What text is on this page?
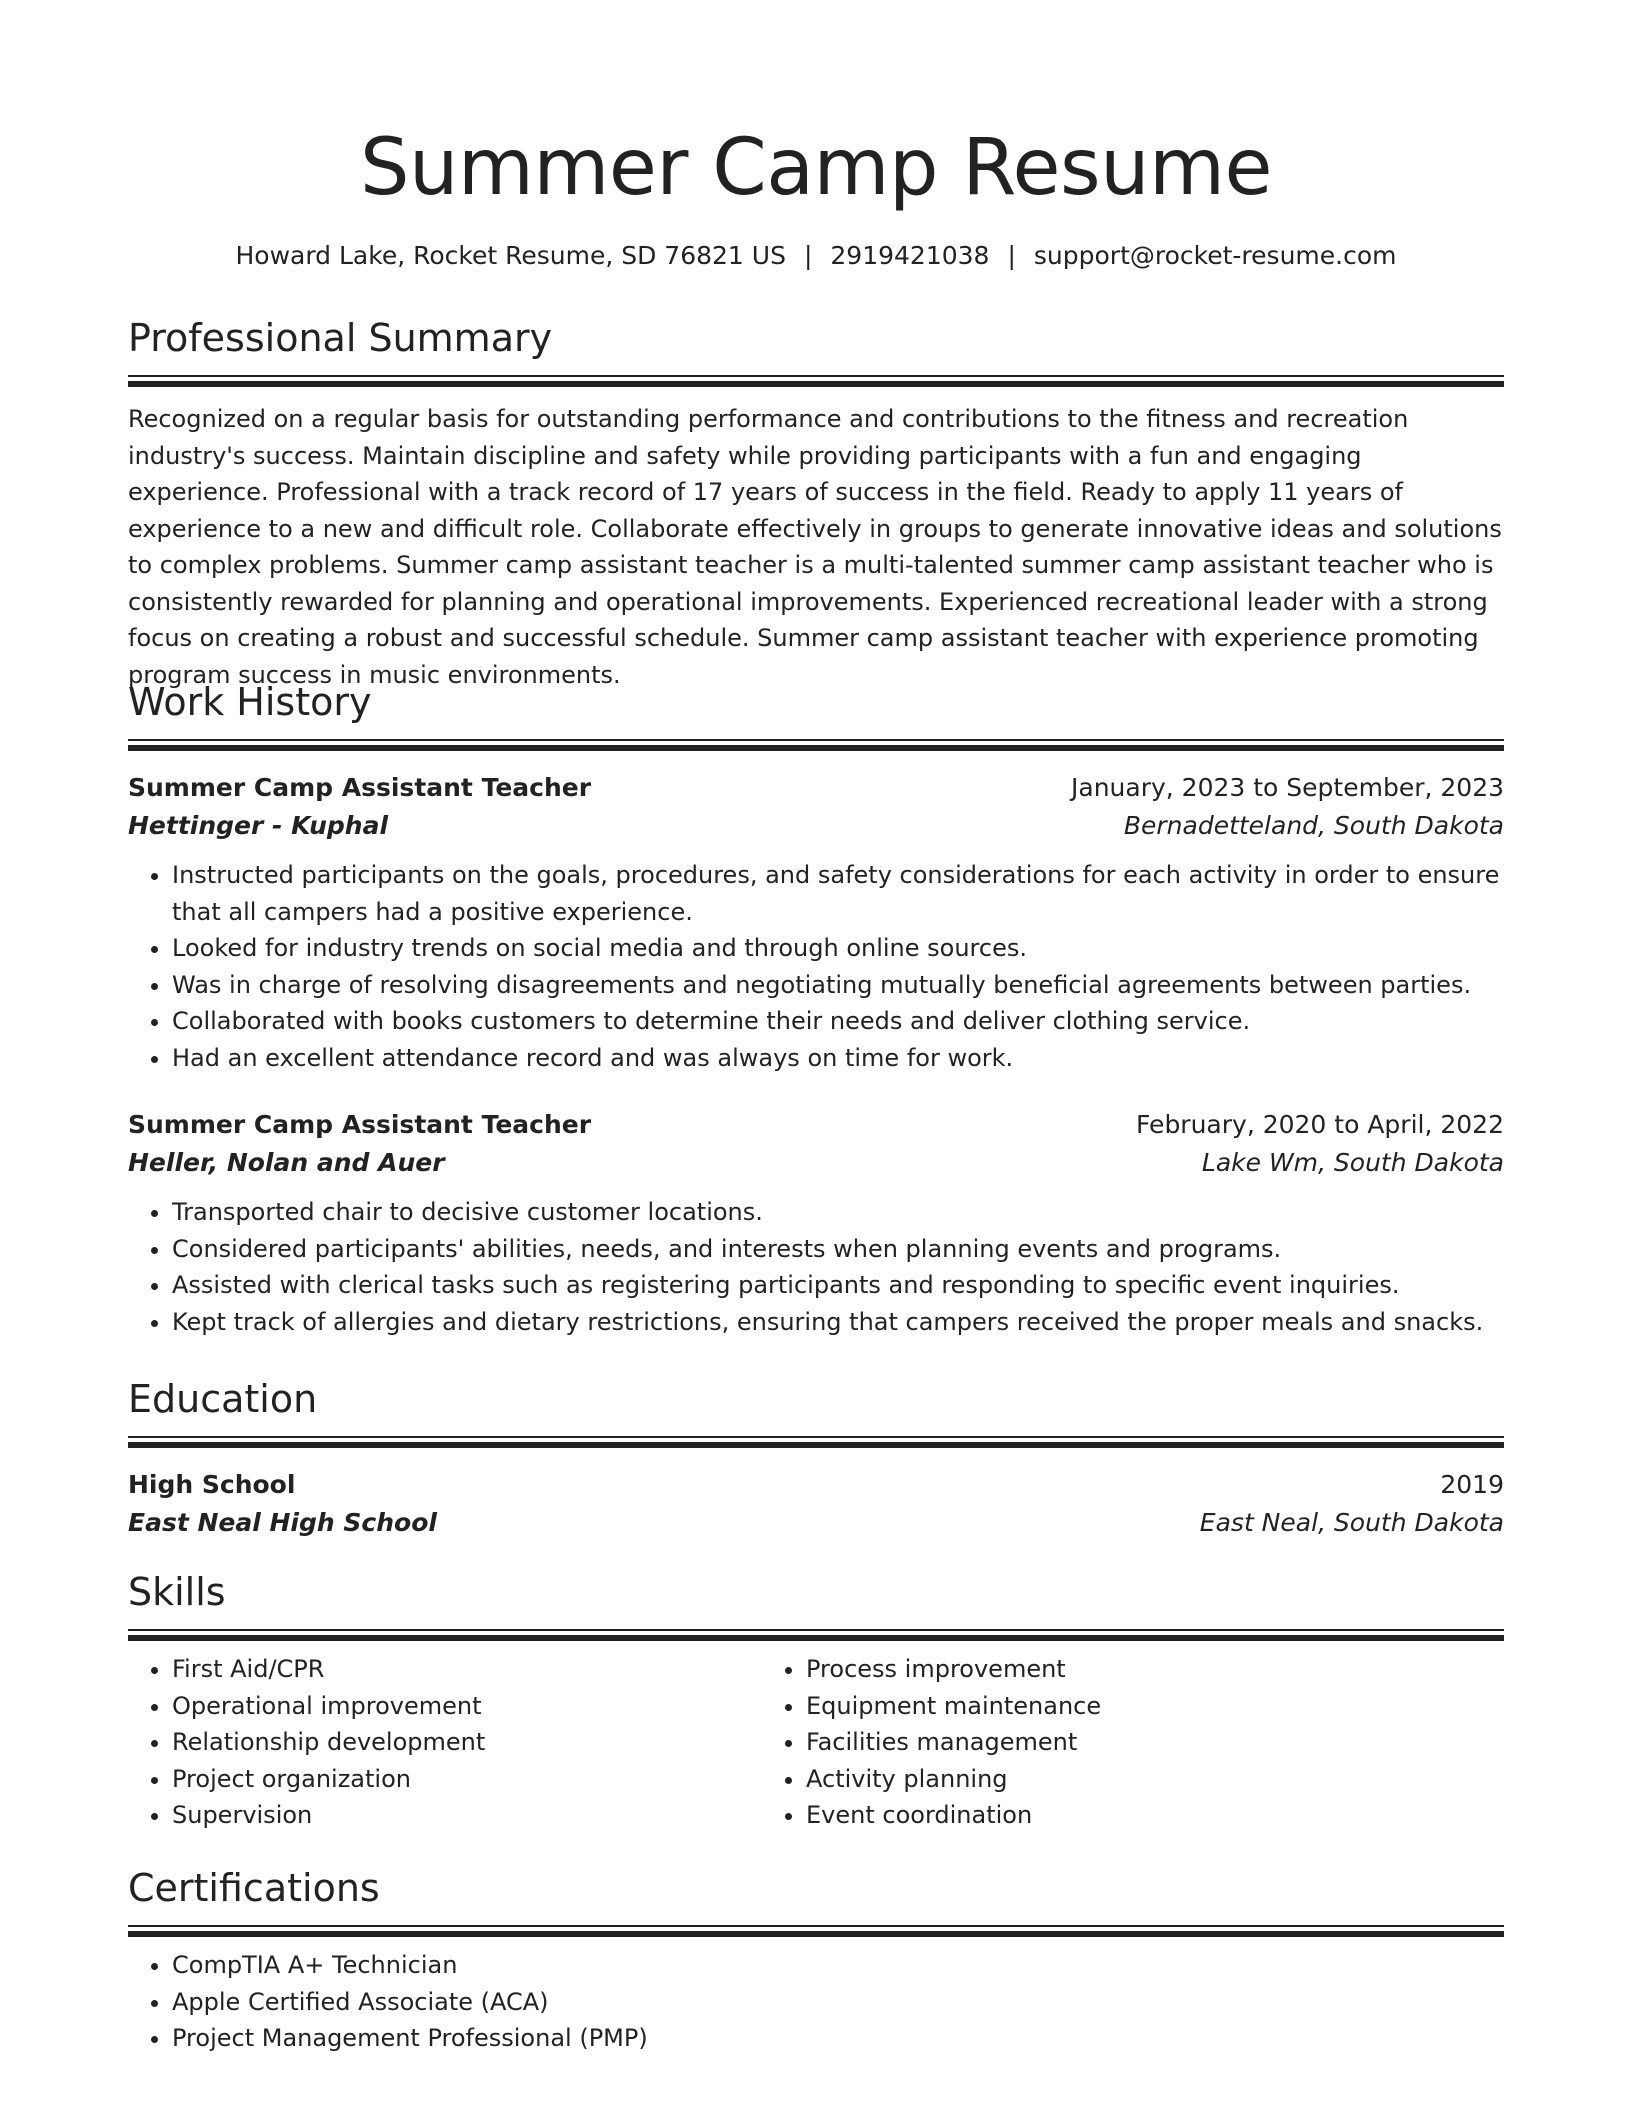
Summer Camp Resume
Howard Lake, Rocket Resume, SD 76821 US | 2919421038 | support@rocket-resume.com
Professional Summary

Recognized on a regular basis for outstanding performance and contributions to the fitness and recreation industry's success. Maintain discipline and safety while providing participants with a fun and engaging experience. Professional with a track record of 17 years of success in the field. Ready to apply 11 years of experience to a new and difficult role. Collaborate effectively in groups to generate innovative ideas and solutions to complex problems. Summer camp assistant teacher is a multi-talented summer camp assistant teacher who is consistently rewarded for planning and operational improvements. Experienced recreational leader with a strong focus on creating a robust and successful schedule. Summer camp assistant teacher with experience promoting program success in music environments.

Work History
Summer Camp Assistant Teacher	January, 2023 to September, 2023
Hettinger - Kuphal	Bernadetteland, South Dakota
• Instructed participants on the goals, procedures, and safety considerations for each activity in order to ensure that all campers had a positive experience.
• Looked for industry trends on social media and through online sources.
• Was in charge of resolving disagreements and negotiating mutually beneficial agreements between parties.
• Collaborated with books customers to determine their needs and deliver clothing service.
• Had an excellent attendance record and was always on time for work.
Summer Camp Assistant Teacher	February, 2020 to April, 2022
Heller, Nolan and Auer	Lake Wm, South Dakota
• Transported chair to decisive customer locations.
• Considered participants' abilities, needs, and interests when planning events and programs.
• Assisted with clerical tasks such as registering participants and responding to specific event inquiries.
• Kept track of allergies and dietary restrictions, ensuring that campers received the proper meals and snacks.
Education
High School	2019
East Neal High School	East Neal, South Dakota
Skills
• First Aid/CPR
• Operational improvement
• Relationship development
• Project organization
• Supervision
• Process improvement
• Equipment maintenance
• Facilities management
• Activity planning
• Event coordination
Certifications
• CompTIA A+ Technician
• Apple Certified Associate (ACA)
• Project Management Professional (PMP)
